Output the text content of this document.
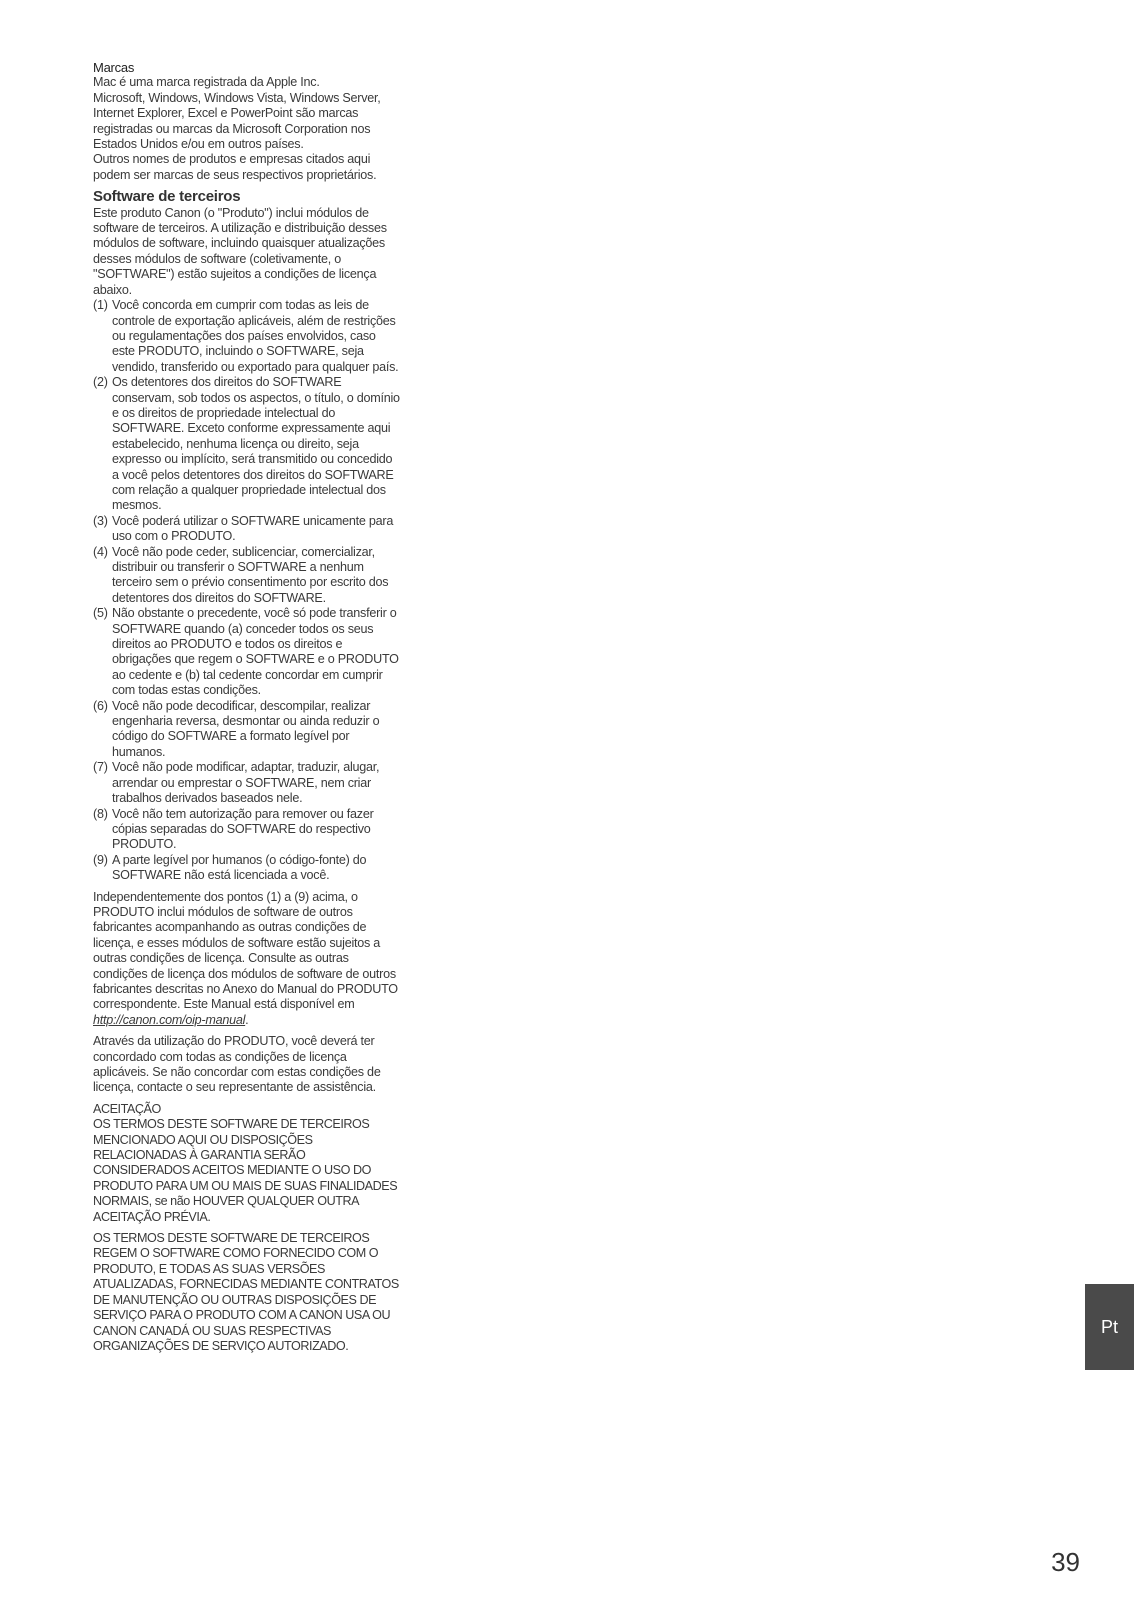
Marcas

Mac é uma marca registrada da Apple Inc.

Microsoft, Windows, Windows Vista, Windows Server, Internet Explorer, Excel e PowerPoint são marcas registradas ou marcas da Microsoft Corporation nos Estados Unidos e/ou em outros países.

Outros nomes de produtos e empresas citados aqui podem ser marcas de seus respectivos proprietários.

Software de terceiros

Este produto Canon (o "Produto") inclui módulos de software de terceiros. A utilização e distribuição desses módulos de software, incluindo quaisquer atualizações desses módulos de software (coletivamente, o "SOFTWARE") estão sujeitos a condições de licença abaixo.

(1) Você concorda em cumprir com todas as leis de controle de exportação aplicáveis, além de restrições ou regulamentações dos países envolvidos, caso este PRODUTO, incluindo o SOFTWARE, seja vendido, transferido ou exportado para qualquer país.
(2) Os detentores dos direitos do SOFTWARE conservam, sob todos os aspectos, o título, o domínio e os direitos de propriedade intelectual do SOFTWARE. Exceto conforme expressamente aqui estabelecido, nenhuma licença ou direito, seja expresso ou implícito, será transmitido ou concedido a você pelos detentores dos direitos do SOFTWARE com relação a qualquer propriedade intelectual dos mesmos.
(3) Você poderá utilizar o SOFTWARE unicamente para uso com o PRODUTO.
(4) Você não pode ceder, sublicenciar, comercializar, distribuir ou transferir o SOFTWARE a nenhum terceiro sem o prévio consentimento por escrito dos detentores dos direitos do SOFTWARE.
(5) Não obstante o precedente, você só pode transferir o SOFTWARE quando (a) conceder todos os seus direitos ao PRODUTO e todos os direitos e obrigações que regem o SOFTWARE e o PRODUTO ao cedente e (b) tal cedente concordar em cumprir com todas estas condições.
(6) Você não pode decodificar, descompilar, realizar engenharia reversa, desmontar ou ainda reduzir o código do SOFTWARE a formato legível por humanos.
(7) Você não pode modificar, adaptar, traduzir, alugar, arrendar ou emprestar o SOFTWARE, nem criar trabalhos derivados baseados nele.
(8) Você não tem autorização para remover ou fazer cópias separadas do SOFTWARE do respectivo PRODUTO.
(9) A parte legível por humanos (o código-fonte) do SOFTWARE não está licenciada a você.

Independentemente dos pontos (1) a (9) acima, o PRODUTO inclui módulos de software de outros fabricantes acompanhando as outras condições de licença, e esses módulos de software estão sujeitos a outras condições de licença. Consulte as outras condições de licença dos módulos de software de outros fabricantes descritas no Anexo do Manual do PRODUTO correspondente. Este Manual está disponível em http://canon.com/oip-manual.

Através da utilização do PRODUTO, você deverá ter concordado com todas as condições de licença aplicáveis. Se não concordar com estas condições de licença, contacte o seu representante de assistência.

ACEITAÇÃO

OS TERMOS DESTE SOFTWARE DE TERCEIROS MENCIONADO AQUI OU DISPOSIÇÕES RELACIONADAS À GARANTIA SERÃO CONSIDERADOS ACEITOS MEDIANTE O USO DO PRODUTO PARA UM OU MAIS DE SUAS FINALIDADES NORMAIS, se não HOUVER QUALQUER OUTRA ACEITAÇÃO PRÉVIA.

OS TERMOS DESTE SOFTWARE DE TERCEIROS REGEM O SOFTWARE COMO FORNECIDO COM O PRODUTO, E TODAS AS SUAS VERSÕES ATUALIZADAS, FORNECIDAS MEDIANTE CONTRATOS DE MANUTENÇÃO OU OUTRAS DISPOSIÇÕES DE SERVIÇO PARA O PRODUTO COM A CANON USA OU CANON CANADÁ OU SUAS RESPECTIVAS ORGANIZAÇÕES DE SERVIÇO AUTORIZADO.

Pt
39
